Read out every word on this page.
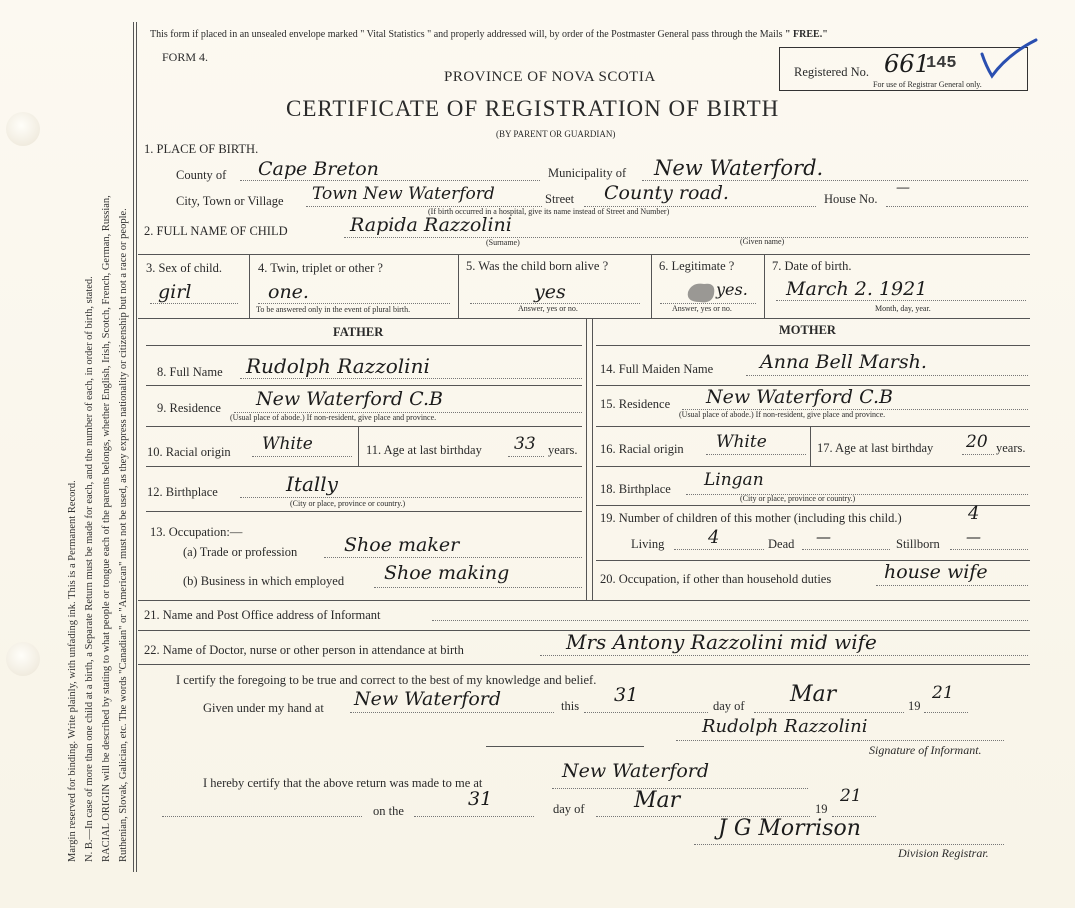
Margin reserved for binding. Write plainly, with unfading ink. This is a Permanent Record. N. B.—In case of more than one child at a birth, a Separate Return must be made for each, and the number of each, in order of birth, stated. RACIAL ORIGIN will be described by stating to what people or tongue each of the parents belongs, whether English, Irish, Scotch, French, German, Russian, Ruthenian, Slovak, Galician, etc. The words "Canadian" or "American" must not be used, as they express nationality or citizenship but not a race or people.
This form if placed in an unsealed envelope marked " Vital Statistics " and properly addressed will, by order of the Postmaster General pass through the Mails " FREE."
FORM 4.
PROVINCE OF NOVA SCOTIA
CERTIFICATE OF REGISTRATION OF BIRTH
(BY PARENT OR GUARDIAN)
Registered No. 661
145
For use of Registrar General only.
1. PLACE OF BIRTH.
County of Cape Breton	Municipality of New Waterford.
City, Town or Village Town New Waterford	Street County road.	House No.
—
(If birth occurred in a hospital, give its name instead of Street and Number)
2. FULL NAME OF CHILD	Rapida Razzolini
(Surname)	(Given name)
3. Sex of child.
girl
4. Twin, triplet or other ?
one.
To be answered only in the event of plural birth.
5. Was the child born alive ?
yes
Answer, yes or no.
6. Legitimate ?
yes.
Answer, yes or no.
7. Date of birth.
March 2. 1921
Month, day, year.
FATHER	MOTHER
8. Full Name Rudolph Razzolini
9. Residence New Waterford C.B
(Usual place of abode.) If non-resident, give place and province.
10. Racial origin White	11. Age at last birthday 33 years.
12. Birthplace	Itally
(City or place, province or country.)
13. Occupation:—
(a) Trade or profession Shoe maker
(b) Business in which employed Shoe making
14. Full Maiden Name Anna Bell Marsh.
15. Residence New Waterford C.B
(Usual place of abode.) If non-resident, give place and province.
16. Racial origin White	17. Age at last birthday 20 years.
18. Birthplace Lingan
(City or place, province or country.)
19. Number of children of this mother (including this child.)	4
Living 4	Dead —	Stillborn —
20. Occupation, if other than household duties	house wife
21. Name and Post Office address of Informant
22. Name of Doctor, nurse or other person in attendance at birth	Mrs Antony Razzolini mid wife
I certify the foregoing to be true and correct to the best of my knowledge and belief.
Given under my hand at New Waterford	this 31	day of Mar	19
21
Rudolph Razzolini
Signature of Informant.
I hereby certify that the above return was made to me at
New Waterford
on the
31	day of Mar	19
21
J G Morrison
Division Registrar.
